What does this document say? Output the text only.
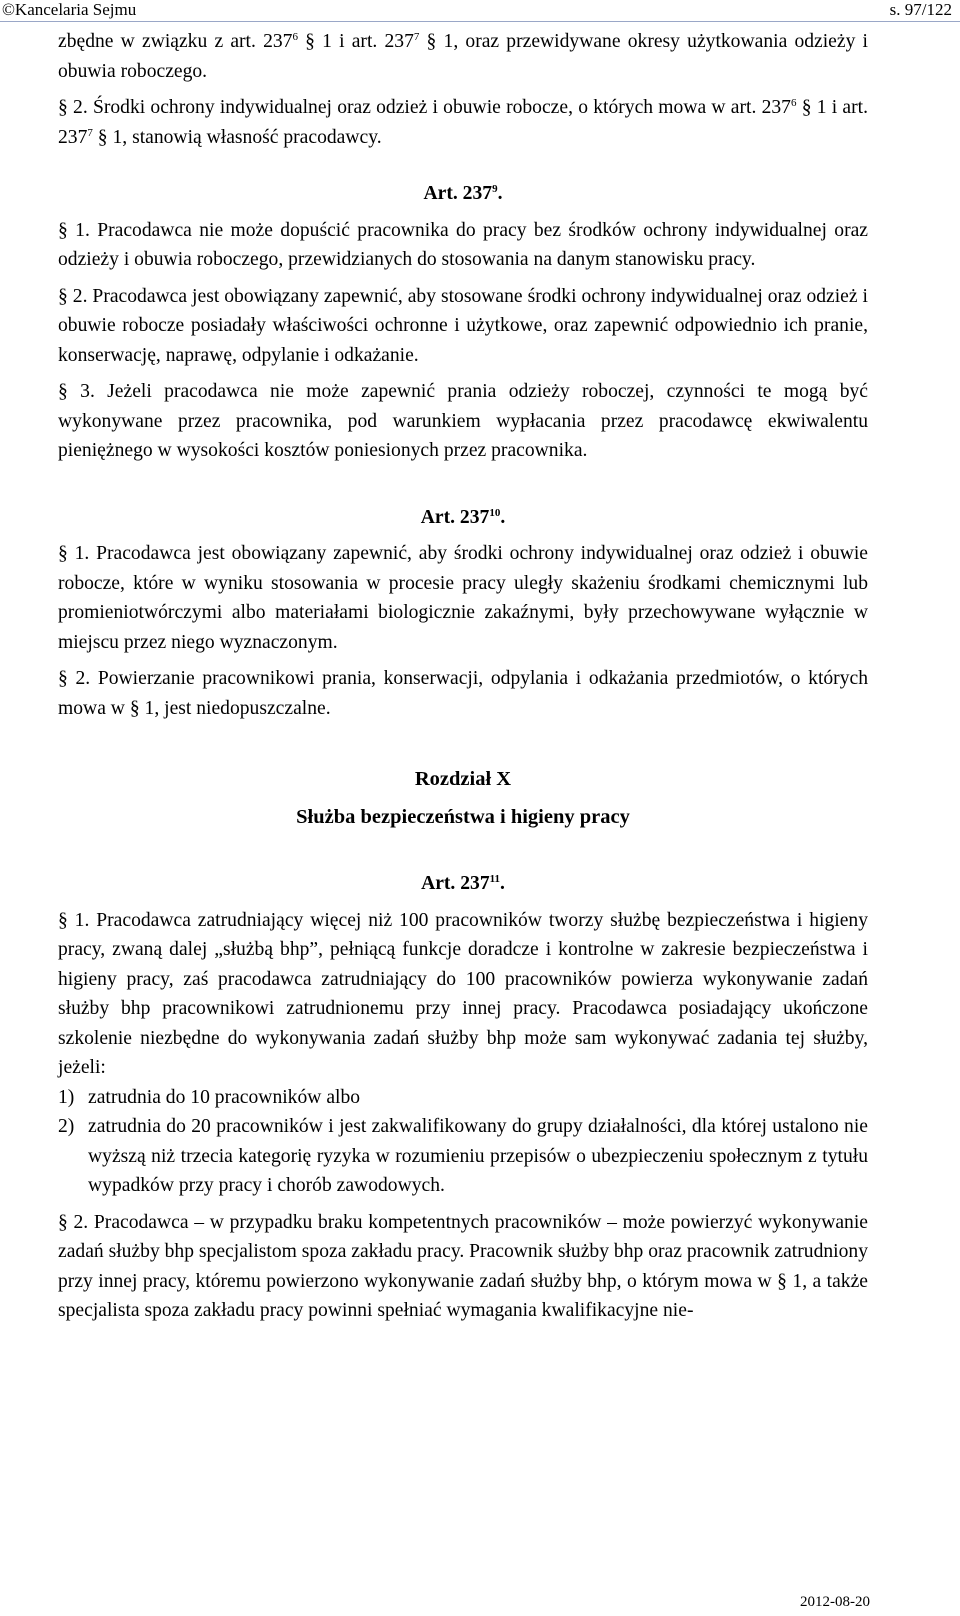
©Kancelaria Sejmu	s. 97/122

zbędne w związku z art. $237^6$ § 1 i art. $237^7$ § 1, oraz przewidywane okresy użytkowania odzieży i obuwia roboczego.

§ 2. Środki ochrony indywidualnej oraz odzież i obuwie robocze, o których mowa w art. $237^6$ § 1 i art. $237^7$ § 1, stanowią własność pracodawcy.

Art. $237^9$.

§ 1. Pracodawca nie może dopuścić pracownika do pracy bez środków ochrony indywidualnej oraz odzieży i obuwia roboczego, przewidzianych do stosowania na danym stanowisku pracy.

§ 2. Pracodawca jest obowiązany zapewnić, aby stosowane środki ochrony indywidualnej oraz odzież i obuwie robocze posiadały właściwości ochronne i użytkowe, oraz zapewnić odpowiednio ich pranie, konserwację, naprawę, odpylanie i odkażanie.

§ 3. Jeżeli pracodawca nie może zapewnić prania odzieży roboczej, czynności te mogą być wykonywane przez pracownika, pod warunkiem wypłacania przez pracodawcę ekwiwalentu pieniężnego w wysokości kosztów poniesionych przez pracownika.

Art. $237^{10}$.

§ 1. Pracodawca jest obowiązany zapewnić, aby środki ochrony indywidualnej oraz odzież i obuwie robocze, które w wyniku stosowania w procesie pracy uległy skażeniu środkami chemicznymi lub promieniotwórczymi albo materiałami biologicznie zakaźnymi, były przechowywane wyłącznie w miejscu przez niego wyznaczonym.

§ 2. Powierzanie pracownikowi prania, konserwacji, odpylania i odkażania przedmiotów, o których mowa w § 1, jest niedopuszczalne.

Rozdział X

Służba bezpieczeństwa i higieny pracy

Art. $237^{11}$.

§ 1. Pracodawca zatrudniający więcej niż 100 pracowników tworzy służbę bezpieczeństwa i higieny pracy, zwaną dalej „służbą bhp”, pełniącą funkcje doradcze i kontrolne w zakresie bezpieczeństwa i higieny pracy, zaś pracodawca zatrudniający do 100 pracowników powierza wykonywanie zadań służby bhp pracownikowi zatrudnionemu przy innej pracy. Pracodawca posiadający ukończone szkolenie niezbędne do wykonywania zadań służby bhp może sam wykonywać zadania tej służby, jeżeli:

1) zatrudnia do 10 pracowników albo
2) zatrudnia do 20 pracowników i jest zakwalifikowany do grupy działalności, dla której ustalono nie wyższą niż trzecia kategorię ryzyka w rozumieniu przepisów o ubezpieczeniu społecznym z tytułu wypadków przy pracy i chorób zawodowych.

§ 2. Pracodawca – w przypadku braku kompetentnych pracowników – może powierzyć wykonywanie zadań służby bhp specjalistom spoza zakładu pracy. Pracownik służby bhp oraz pracownik zatrudniony przy innej pracy, któremu powierzono wykonywanie zadań służby bhp, o którym mowa w § 1, a także specjalista spoza zakładu pracy powinni spełniać wymagania kwalifikacyjne nie-

2012-08-20
